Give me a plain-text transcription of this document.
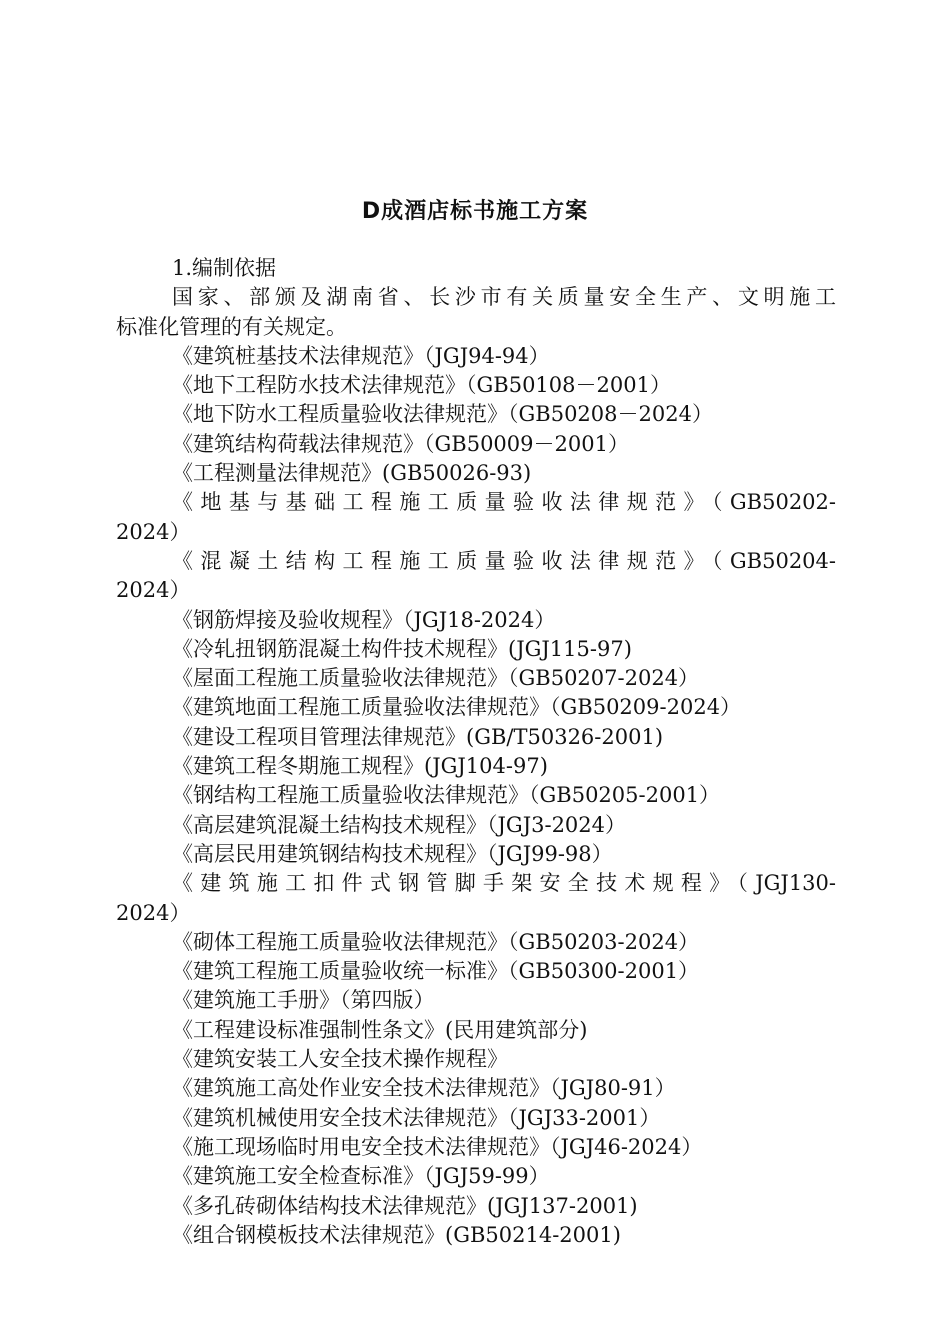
D成酒店标书施工方案
1.编制依据
国家、部颁及湖南省、长沙市有关质量安全生产、文明施工
标准化管理的有关规定。
《建筑桩基技术法律规范》（JGJ94-94）
《地下工程防水技术法律规范》（GB50108－2001）
《地下防水工程质量验收法律规范》（GB50208－2024）
《建筑结构荷载法律规范》（GB50009－2001）
《工程测量法律规范》(GB50026-93)
《地基与基础工程施工质量验收法律规范》（GB50202-
2024）
《混凝土结构工程施工质量验收法律规范》（GB50204-
2024）
《钢筋焊接及验收规程》（JGJ18-2024）
《冷轧扭钢筋混凝土构件技术规程》(JGJ115-97)
《屋面工程施工质量验收法律规范》（GB50207-2024）
《建筑地面工程施工质量验收法律规范》（GB50209-2024）
《建设工程项目管理法律规范》(GB/T50326-2001)
《建筑工程冬期施工规程》(JGJ104-97)
《钢结构工程施工质量验收法律规范》（GB50205-2001）
《高层建筑混凝土结构技术规程》（JGJ3-2024）
《高层民用建筑钢结构技术规程》（JGJ99-98）
《建筑施工扣件式钢管脚手架安全技术规程》（JGJ130-
2024）
《砌体工程施工质量验收法律规范》（GB50203-2024）
《建筑工程施工质量验收统一标准》（GB50300-2001）
《建筑施工手册》（第四版）
《工程建设标准强制性条文》(民用建筑部分)
《建筑安装工人安全技术操作规程》
《建筑施工高处作业安全技术法律规范》（JGJ80-91）
《建筑机械使用安全技术法律规范》（JGJ33-2001）
《施工现场临时用电安全技术法律规范》（JGJ46-2024）
《建筑施工安全检查标准》（JGJ59-99）
《多孔砖砌体结构技术法律规范》(JGJ137-2001)
《组合钢模板技术法律规范》(GB50214-2001)
